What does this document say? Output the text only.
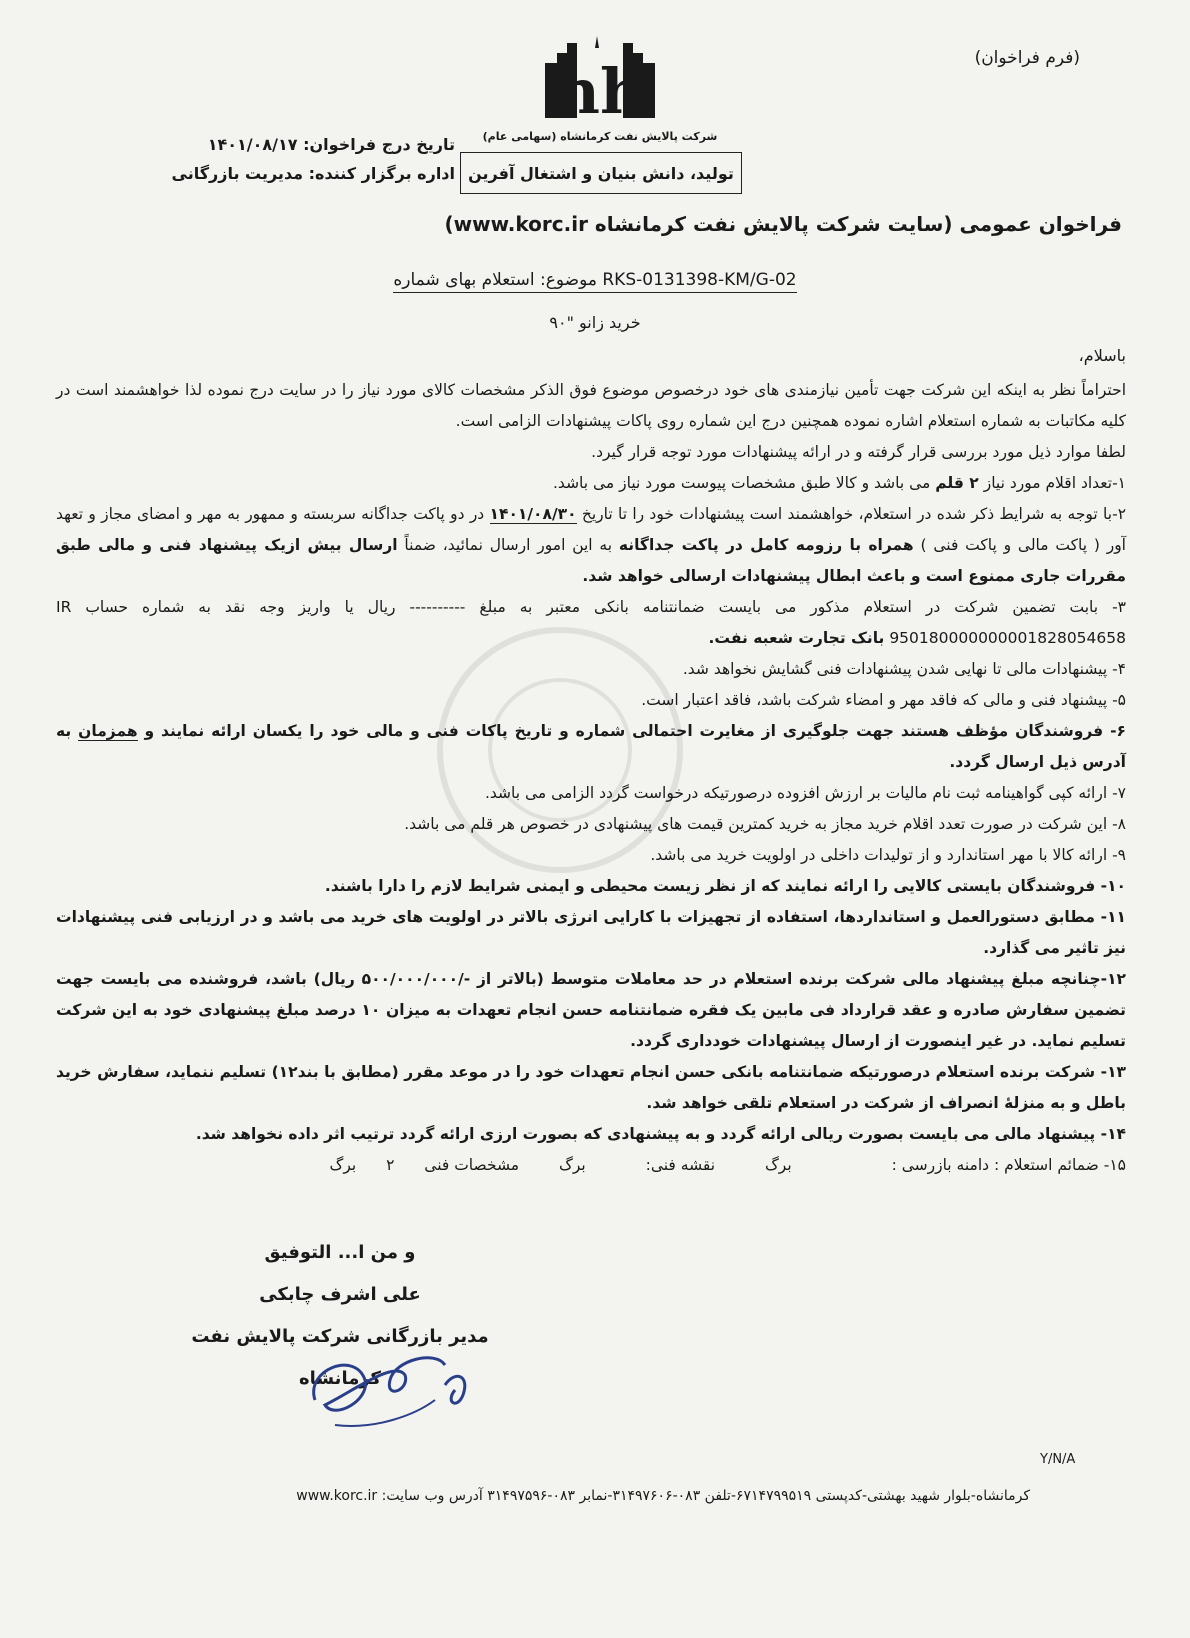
(فرم فراخوان)
nh
شرکت پالایش نفت کرمانشاه (سهامی عام)
تولید، دانش بنیان و اشتغال آفرین
تاریخ درج فراخوان: ۱۴۰۱/۰۸/۱۷
اداره برگزار کننده: مدیریت بازرگانی
فراخوان عمومی (سایت شرکت پالایش نفت کرمانشاه www.korc.ir)
موضوع: استعلام بهای شماره RKS-0131398-KM/G-02
خرید زانو "۹۰
باسلام،

احتراماً نظر به اینکه این شرکت جهت تأمین نیازمندی های خود درخصوص موضوع فوق الذکر مشخصات کالای مورد نیاز را در سایت درج نموده لذا خواهشمند است در کلیه مکاتبات به شماره استعلام اشاره نموده همچنین درج این شماره روی پاکات پیشنهادات الزامی است.

لطفا موارد ذیل مورد بررسی قرار گرفته و در ارائه پیشنهادات مورد توجه قرار گیرد.

۱-تعداد اقلام مورد نیاز ۲ قلم می باشد و کالا طبق مشخصات پیوست مورد نیاز می باشد.

۲-با توجه به شرایط ذکر شده در استعلام، خواهشمند است پیشنهادات خود را تا تاریخ ۱۴۰۱/۰۸/۳۰ در دو پاکت جداگانه سربسته و ممهور به مهر و امضای مجاز و تعهد آور ( پاکت مالی و پاکت فنی ) همراه با رزومه کامل در پاکت جداگانه به این امور ارسال نمائید، ضمناً ارسال بیش ازیک پیشنهاد فنی و مالی طبق مقررات جاری ممنوع است و باعث ابطال پیشنهادات ارسالی خواهد شد.

۳- بابت تضمین شرکت در استعلام مذکور می بایست ضمانتنامه بانکی معتبر به مبلغ ---------- ریال یا واریز وجه نقد به شماره حساب IR 950180000000001828054658 بانک تجارت شعبه نفت.

۴- پیشنهادات مالی تا نهایی شدن پیشنهادات فنی گشایش نخواهد شد.

۵- پیشنهاد فنی و مالی که فاقد مهر و امضاء شرکت باشد، فاقد اعتبار است.

۶- فروشندگان مؤظف هستند جهت جلوگیری از مغایرت احتمالی شماره و تاریخ پاکات فنی و مالی خود را یکسان ارائه نمایند و همزمان به آدرس ذیل ارسال گردد.

۷- ارائه کپی گواهینامه ثبت نام مالیات بر ارزش افزوده درصورتیکه درخواست گردد الزامی می باشد.

۸- این شرکت در صورت تعدد اقلام خرید مجاز به خرید کمترین قیمت های پیشنهادی در خصوص هر قلم می باشد.

۹- ارائه کالا با مهر استاندارد و از تولیدات داخلی در اولویت خرید می باشد.

۱۰- فروشندگان بایستی کالایی را ارائه نمایند که از نظر زیست محیطی و ایمنی شرایط لازم را دارا باشند.

۱۱- مطابق دستورالعمل و استانداردها، استفاده از تجهیزات با کارایی انرژی بالاتر در اولویت های خرید می باشد و در ارزیابی فنی پیشنهادات نیز تاثیر می گذارد.

۱۲-چنانچه مبلغ پیشنهاد مالی شرکت برنده استعلام در حد معاملات متوسط (بالاتر از -/۵۰۰/۰۰۰/۰۰۰ ریال) باشد، فروشنده می بایست جهت تضمین سفارش صادره و عقد قرارداد فی مابین یک فقره ضمانتنامه حسن انجام تعهدات به میزان ۱۰ درصد مبلغ پیشنهادی خود به این شرکت تسلیم نماید. در غیر اینصورت از ارسال پیشنهادات خودداری گردد.

۱۳- شرکت برنده استعلام درصورتیکه ضمانتنامه بانکی حسن انجام تعهدات خود را در موعد مقرر (مطابق با بند۱۲) تسلیم ننماید، سفارش خرید باطل و به منزلۀ انصراف از شرکت در استعلام تلقی خواهد شد.

۱۴- پیشنهاد مالی می بایست بصورت ریالی ارائه گردد و به پیشنهادی که بصورت ارزی ارائه گردد ترتیب اثر داده نخواهد شد.

۱۵- ضمائم استعلام : دامنه بازرسی :  برگ  نقشه فنی:  برگ  مشخصات فنی  ۲  برگ

و من ا... التوفیق
علی اشرف چابکی
مدیر بازرگانی شرکت پالایش نفت کرمانشاه
Y/N/A
کرمانشاه-بلوار شهید بهشتی-کدپستی ۶۷۱۴۷۹۹۵۱۹-تلفن ۰۸۳-۳۱۴۹۷۶۰۶-نمابر ۰۸۳-۳۱۴۹۷۵۹۶ آدرس وب سایت: www.korc.ir
